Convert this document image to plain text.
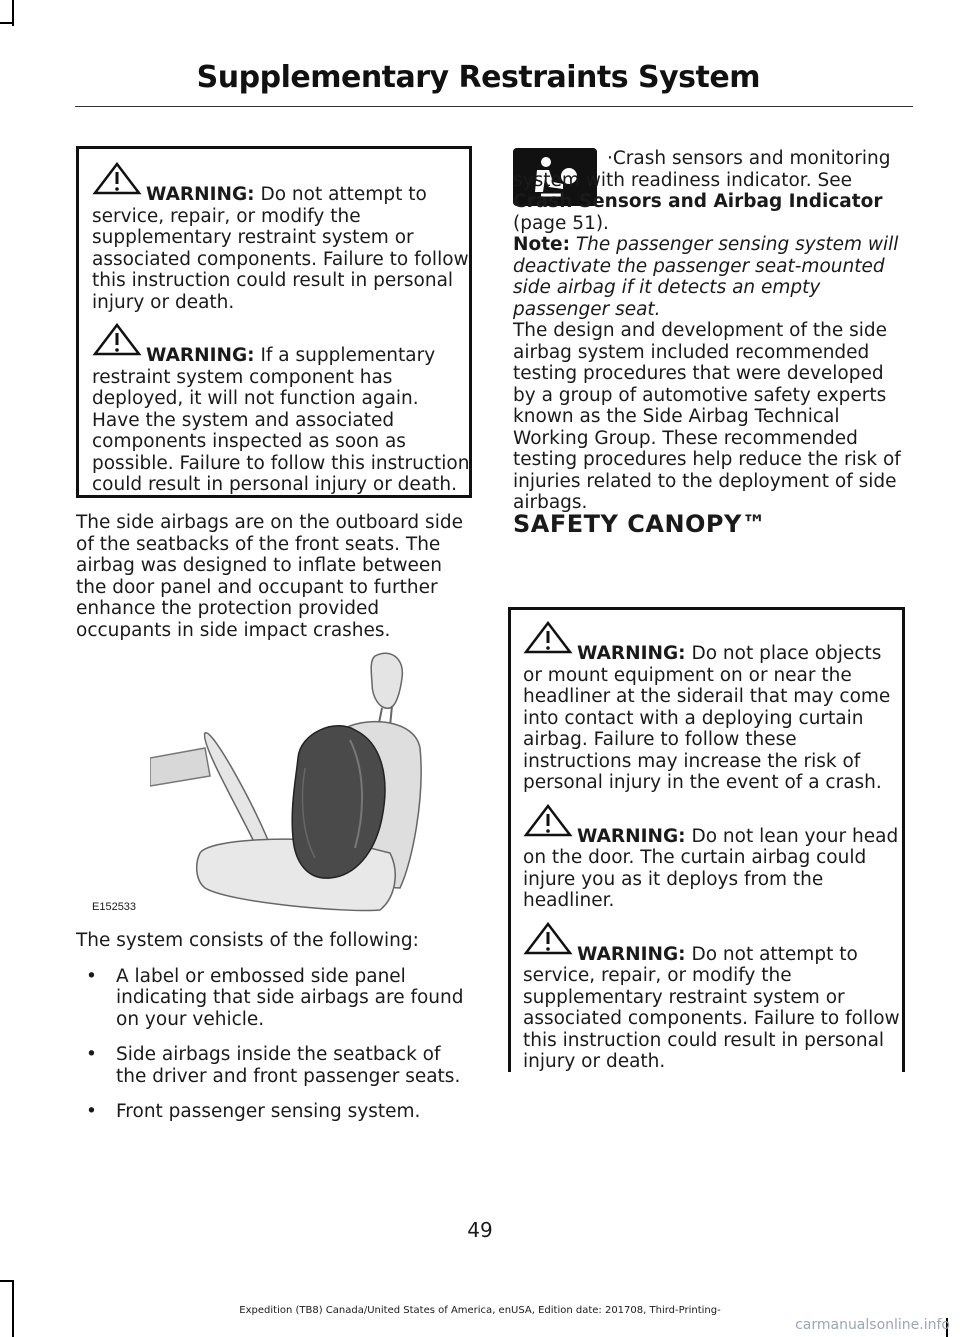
Supplementary Restraints System

WARNING: Do not attempt to service, repair, or modify the supplementary restraint system or associated components. Failure to follow this instruction could result in personal injury or death.

WARNING: If a supplementary restraint system component has deployed, it will not function again. Have the system and associated components inspected as soon as possible. Failure to follow this instruction could result in personal injury or death.

The side airbags are on the outboard side of the seatbacks of the front seats. The airbag was designed to inflate between the door panel and occupant to further enhance the protection provided occupants in side impact crashes.

E152533

The system consists of the following:

• A label or embossed side panel indicating that side airbags are found on your vehicle.
• Side airbags inside the seatback of the driver and front passenger seats.
• Front passenger sensing system.

·Crash sensors and monitoring system with readiness indicator. See Crash Sensors and Airbag Indicator (page 51).

Note: The passenger sensing system will deactivate the passenger seat-mounted side airbag if it detects an empty passenger seat.

The design and development of the side airbag system included recommended testing procedures that were developed by a group of automotive safety experts known as the Side Airbag Technical Working Group. These recommended testing procedures help reduce the risk of injuries related to the deployment of side airbags.

SAFETY CANOPY™

WARNING: Do not place objects or mount equipment on or near the headliner at the siderail that may come into contact with a deploying curtain airbag. Failure to follow these instructions may increase the risk of personal injury in the event of a crash.

WARNING: Do not lean your head on the door. The curtain airbag could injure you as it deploys from the headliner.

WARNING: Do not attempt to service, repair, or modify the supplementary restraint system or associated components. Failure to follow this instruction could result in personal injury or death.

49
Expedition (TB8) Canada/United States of America, enUSA, Edition date: 201708, Third-Printing-
carmanualsonline.info
